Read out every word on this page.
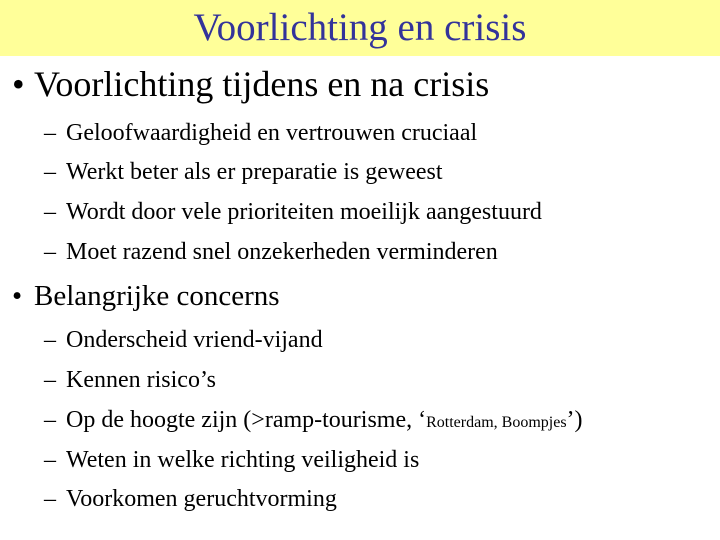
Voorlichting en crisis
• Voorlichting tijdens en na crisis
– Geloofwaardigheid en vertrouwen cruciaal
– Werkt beter als er preparatie is geweest
– Wordt door vele prioriteiten moeilijk aangestuurd
– Moet razend snel onzekerheden verminderen
• Belangrijke concerns
– Onderscheid vriend-vijand
– Kennen risico’s
– Op de hoogte zijn (>ramp-tourisme, ‘Rotterdam, Boompjes’)
– Weten in welke richting veiligheid is
– Voorkomen geruchtvorming
